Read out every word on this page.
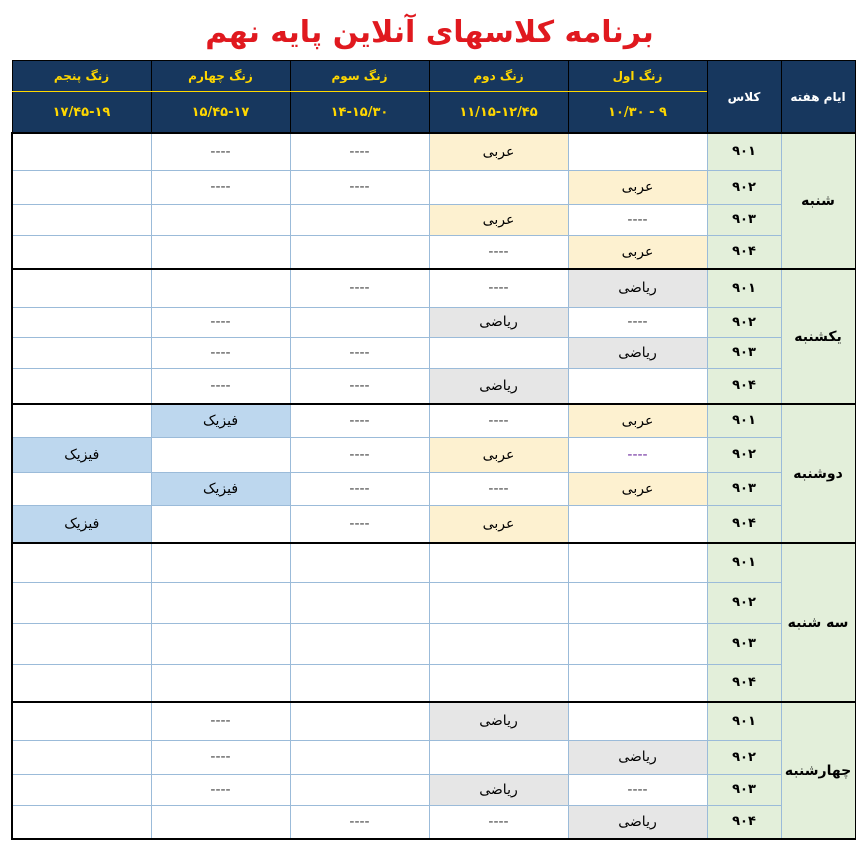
برنامه کلاسهای آنلاین پایه نهم
ایام هفته	کلاس	زنگ اول	زنگ دوم	زنگ سوم	زنگ چهارم	زنگ پنجم
		۹ - ۱۰/۳۰	۱۱/۱۵-۱۲/۴۵	۱۴-۱۵/۳۰	۱۵/۴۵-۱۷	۱۷/۴۵-۱۹
شنبه	۹۰۱		عربی	----	----	
	۹۰۲	عربی		----	----	
	۹۰۳	----	عربی			
	۹۰۴	عربی	----			
یکشنبه	۹۰۱	ریاضی	----	----		
	۹۰۲	----	ریاضی		----	
	۹۰۳	ریاضی		----	----	
	۹۰۴		ریاضی	----	----	
دوشنبه	۹۰۱	عربی	----	----	فیزیک	
	۹۰۲	----	عربی	----		فیزیک
	۹۰۳	عربی	----	----	فیزیک	
	۹۰۴		عربی	----		فیزیک
سه شنبه	۹۰۱					
	۹۰۲					
	۹۰۳					
	۹۰۴					
چهارشنبه	۹۰۱		ریاضی		----	
	۹۰۲	ریاضی			----	
	۹۰۳	----	ریاضی		----	
	۹۰۴	ریاضی	----	----		
